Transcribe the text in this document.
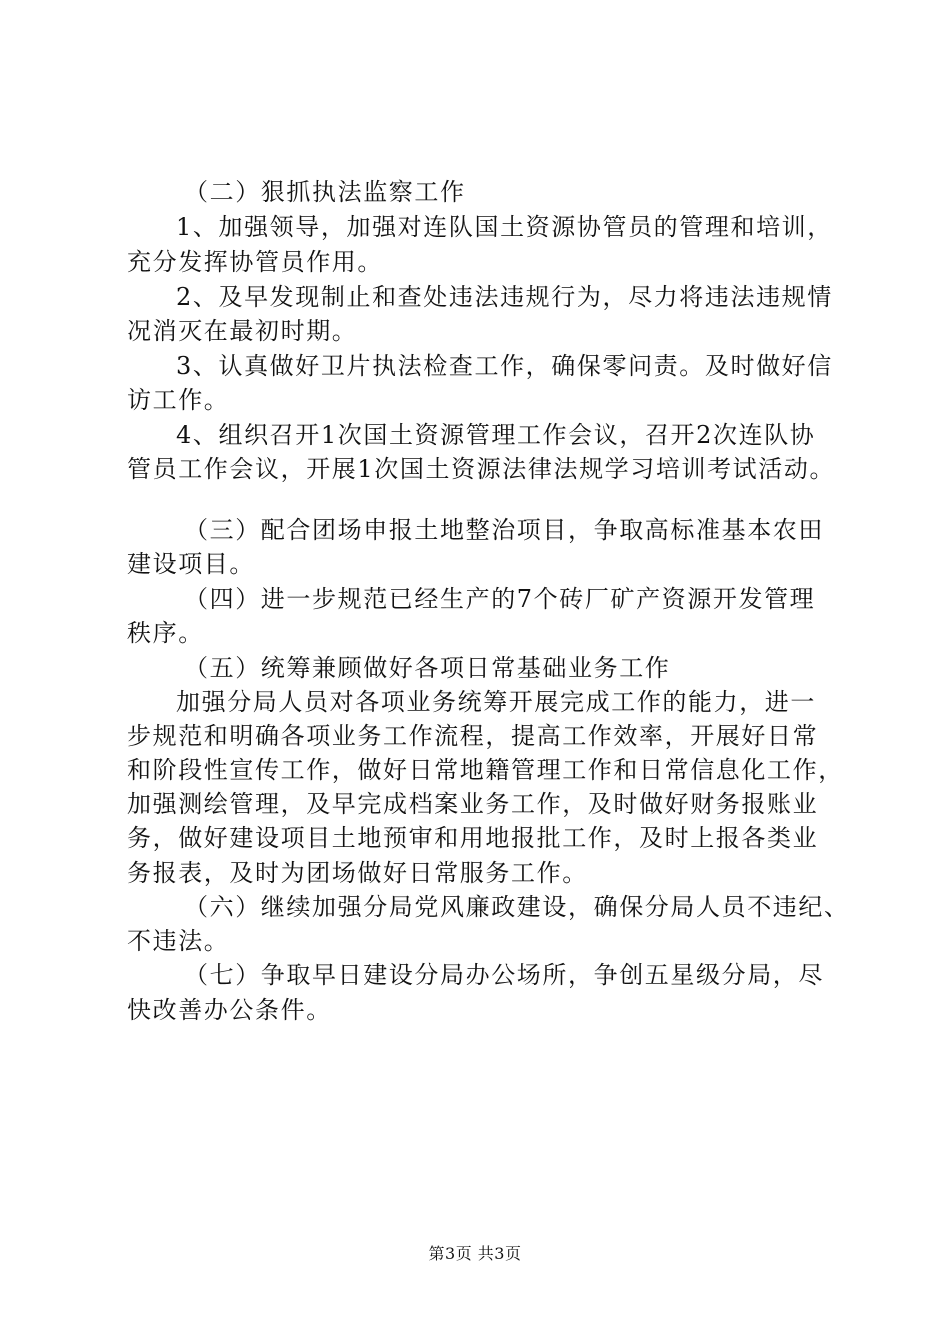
（二）狠抓执法监察工作
1、加强领导，加强对连队国土资源协管员的管理和培训，
充分发挥协管员作用。
2、及早发现制止和查处违法违规行为，尽力将违法违规情
况消灭在最初时期。
3、认真做好卫片执法检查工作，确保零问责。及时做好信
访工作。
4、组织召开1次国土资源管理工作会议，召开2次连队协
管员工作会议，开展1次国土资源法律法规学习培训考试活动。
（三）配合团场申报土地整治项目，争取高标准基本农田
建设项目。
（四）进一步规范已经生产的7个砖厂矿产资源开发管理
秩序。
（五）统筹兼顾做好各项日常基础业务工作
加强分局人员对各项业务统筹开展完成工作的能力，进一
步规范和明确各项业务工作流程，提高工作效率，开展好日常
和阶段性宣传工作，做好日常地籍管理工作和日常信息化工作，
加强测绘管理，及早完成档案业务工作，及时做好财务报账业
务，做好建设项目土地预审和用地报批工作，及时上报各类业
务报表，及时为团场做好日常服务工作。
（六）继续加强分局党风廉政建设，确保分局人员不违纪、
不违法。
（七）争取早日建设分局办公场所，争创五星级分局，尽
快改善办公条件。
第3页 共3页
